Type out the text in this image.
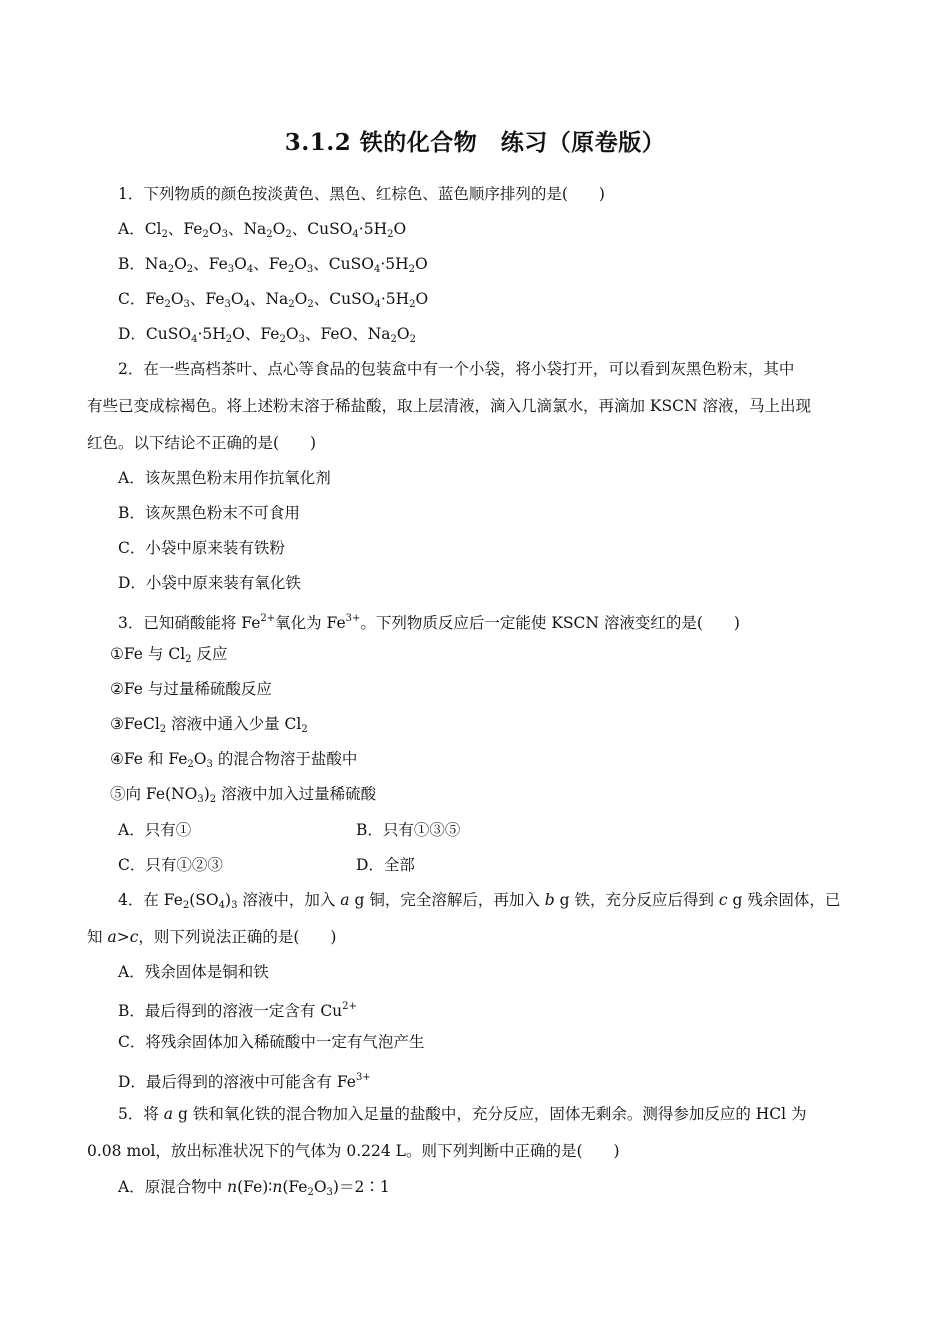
3.1.2 铁的化合物　练习（原卷版）
1．下列物质的颜色按淡黄色、黑色、红棕色、蓝色顺序排列的是(　　)
A．$Cl_2$、$Fe_2O_3$、$Na_2O_2$、$CuSO_4\cdot 5H_2O$
B．$Na_2O_2$、$Fe_3O_4$、$Fe_2O_3$、$CuSO_4\cdot 5H_2O$
C．$Fe_2O_3$、$Fe_3O_4$、$Na_2O_2$、$CuSO_4\cdot 5H_2O$
D．$CuSO_4\cdot 5H_2O$、$Fe_2O_3$、FeO、$Na_2O_2$
2．在一些高档茶叶、点心等食品的包装盒中有一个小袋，将小袋打开，可以看到灰黑色粉末，其中
有些已变成棕褐色。将上述粉末溶于稀盐酸，取上层清液，滴入几滴氯水，再滴加 KSCN 溶液，马上出现
红色。以下结论不正确的是(　　)
A．该灰黑色粉末用作抗氧化剂
B．该灰黑色粉末不可食用
C．小袋中原来装有铁粉
D．小袋中原来装有氧化铁
3．已知硝酸能将 $Fe^{2+}$氧化为 $Fe^{3+}$。下列物质反应后一定能使 KSCN 溶液变红的是(　　)
①Fe 与 $Cl_2$ 反应
②Fe 与过量稀硫酸反应
③FeCl$_2$ 溶液中通入少量 $Cl_2$
④Fe 和 $Fe_2O_3$ 的混合物溶于盐酸中
⑤向 $Fe(NO_3)_2$ 溶液中加入过量稀硫酸
A．只有①	B．只有①③⑤
C．只有①②③	D．全部
4．在 $Fe_2(SO_4)_3$ 溶液中，加入 a g 铜，完全溶解后，再加入 b g 铁，充分反应后得到 c g 残余固体，已
知 a>c，则下列说法正确的是(　　)
A．残余固体是铜和铁
B．最后得到的溶液一定含有 $Cu^{2+}$
C．将残余固体加入稀硫酸中一定有气泡产生
D．最后得到的溶液中可能含有 $Fe^{3+}$
5．将 a g 铁和氧化铁的混合物加入足量的盐酸中，充分反应，固体无剩余。测得参加反应的 HCl 为
0.08 mol，放出标准状况下的气体为 0.224 L。则下列判断中正确的是(　　)
A．原混合物中 $n(Fe)∶n(Fe_2O_3)=2∶1$
